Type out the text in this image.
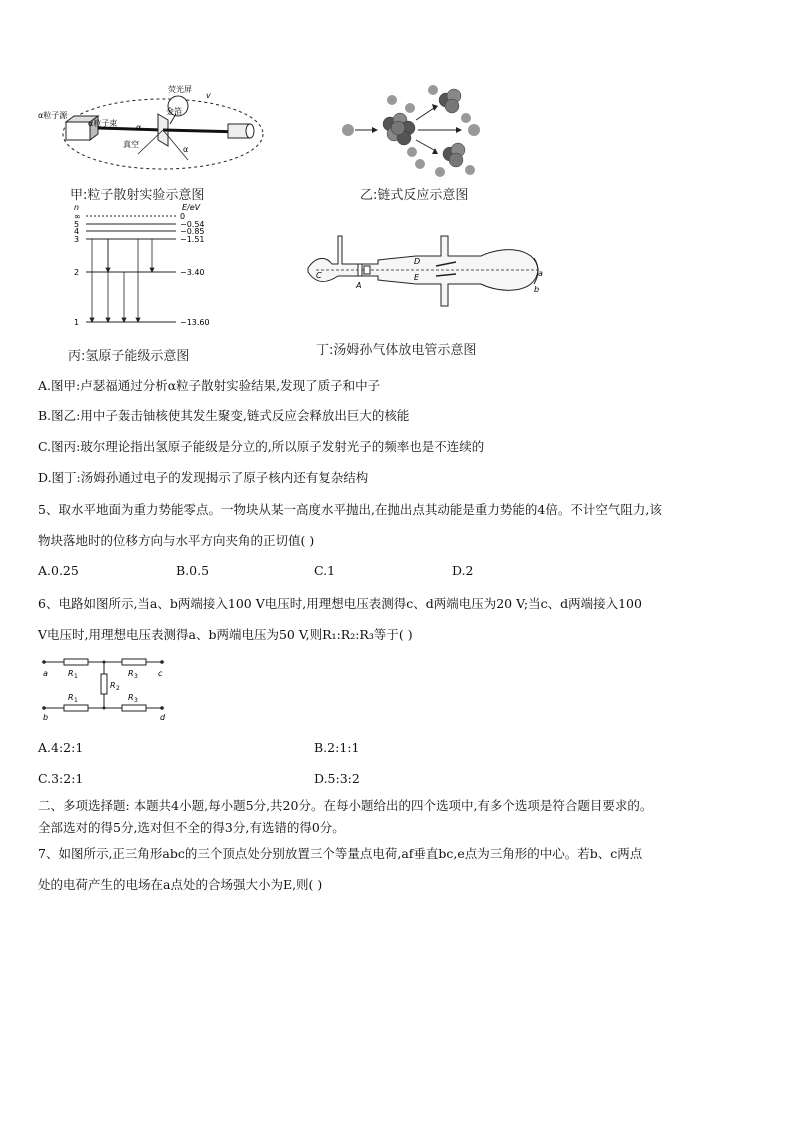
α粒子源
α粒子束
荧光屏
金箔
真空
α
α
v
甲:粒子散射实验示意图	乙:链式反应示意图
n	E/eV
∞
5
4
3
2
1
0
−0.54
−0.85
−1.51
−3.40
−13.60
丙:氢原子能级示意图
C
A
D
E	a
b
丁:汤姆孙气体放电管示意图
A.图甲:卢瑟福通过分析α粒子散射实验结果,发现了质子和中子
B.图乙:用中子轰击铀核使其发生聚变,链式反应会释放出巨大的核能
C.图丙:玻尔理论指出氢原子能级是分立的,所以原子发射光子的频率也是不连续的
D.图丁:汤姆孙通过电子的发现揭示了原子核内还有复杂结构
5、取水平地面为重力势能零点。一物块从某一高度水平抛出,在抛出点其动能是重力势能的4倍。不计空气阻力,该
物块落地时的位移方向与水平方向夹角的正切值( )
A.0.25	B.0.5	C.1	D.2
6、电路如图所示,当a、b两端接入100 V电压时,用理想电压表测得c、d两端电压为20 V;当c、d两端接入100
V电压时,用理想电压表测得a、b两端电压为50 V,则R₁:R₂:R₃等于( )
a
b
c
d
R 1	R 3
R 2
R 1	R 3
A.4:2:1	B.2:1:1
C.3:2:1	D.5:3:2
二、多项选择题: 本题共4小题,每小题5分,共20分。在每小题给出的四个选项中,有多个选项是符合题目要求的。
全部选对的得5分,选对但不全的得3分,有选错的得0分。
7、如图所示,正三角形abc的三个顶点处分别放置三个等量点电荷,af垂直bc,e点为三角形的中心。若b、c两点
处的电荷产生的电场在a点处的合场强大小为E,则( )
